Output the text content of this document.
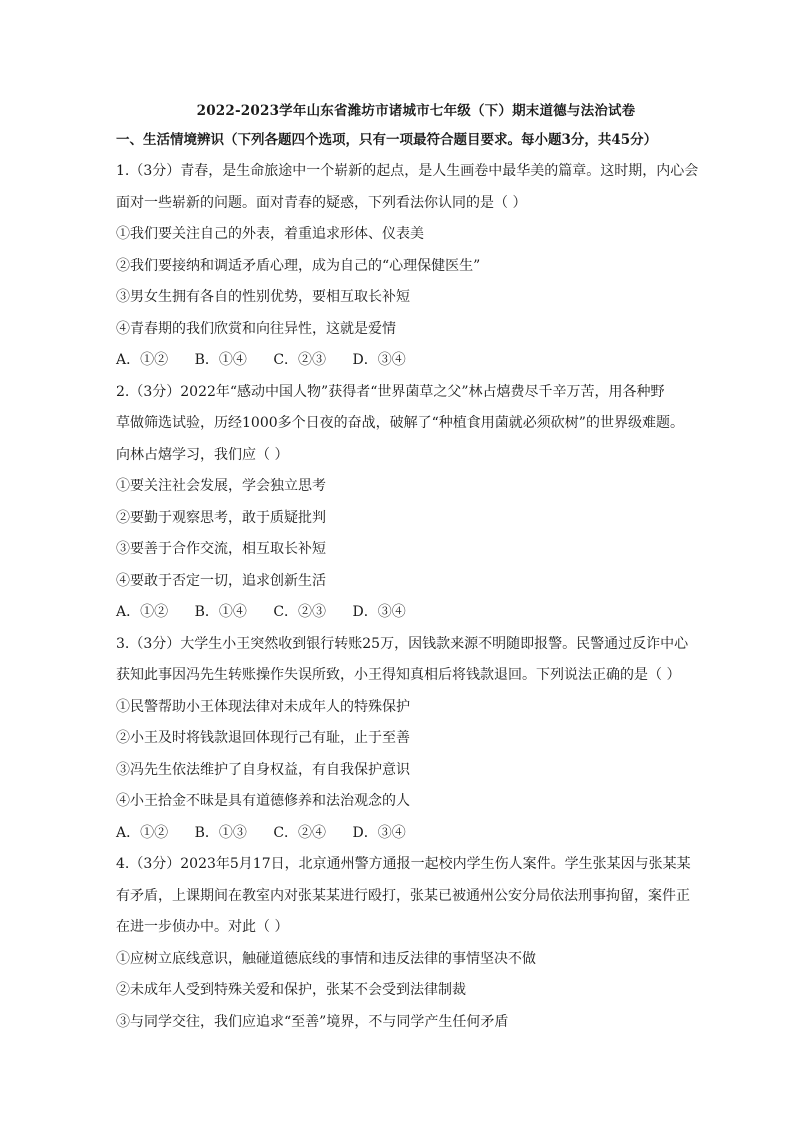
2022-2023学年山东省潍坊市诸城市七年级（下）期末道德与法治试卷
一、生活情境辨识（下列各题四个选项，只有一项最符合题目要求。每小题3分，共45分）
1.（3分）青春，是生命旅途中一个崭新的起点，是人生画卷中最华美的篇章。这时期，内心会
面对一些崭新的问题。面对青春的疑惑，下列看法你认同的是（ ）
①我们要关注自己的外表，着重追求形体、仪表美
②我们要接纳和调适矛盾心理，成为自己的“心理保健医生”
③男女生拥有各自的性别优势，要相互取长补短
④青春期的我们欣赏和向往异性，这就是爱情
A．①② B．①④ C．②③ D．③④
2.（3分）2022年“感动中国人物”获得者“世界菌草之父”林占熺费尽千辛万苦，用各种野
草做筛选试验，历经1000多个日夜的奋战，破解了“种植食用菌就必须砍树”的世界级难题。
向林占熺学习，我们应（ ）
①要关注社会发展，学会独立思考
②要勤于观察思考，敢于质疑批判
③要善于合作交流，相互取长补短
④要敢于否定一切，追求创新生活
A．①② B．①④ C．②③ D．③④
3.（3分）大学生小王突然收到银行转账25万，因钱款来源不明随即报警。民警通过反诈中心
获知此事因冯先生转账操作失误所致，小王得知真相后将钱款退回。下列说法正确的是（ ）
①民警帮助小王体现法律对未成年人的特殊保护
②小王及时将钱款退回体现行己有耻，止于至善
③冯先生依法维护了自身权益，有自我保护意识
④小王拾金不昧是具有道德修养和法治观念的人
A．①② B．①③ C．②④ D．③④
4.（3分）2023年5月17日，北京通州警方通报一起校内学生伤人案件。学生张某因与张某某
有矛盾，上课期间在教室内对张某某进行殴打，张某已被通州公安分局依法刑事拘留，案件正
在进一步侦办中。对此（ ）
①应树立底线意识，触碰道德底线的事情和违反法律的事情坚决不做
②未成年人受到特殊关爱和保护，张某不会受到法律制裁
③与同学交往，我们应追求“至善”境界，不与同学产生任何矛盾
